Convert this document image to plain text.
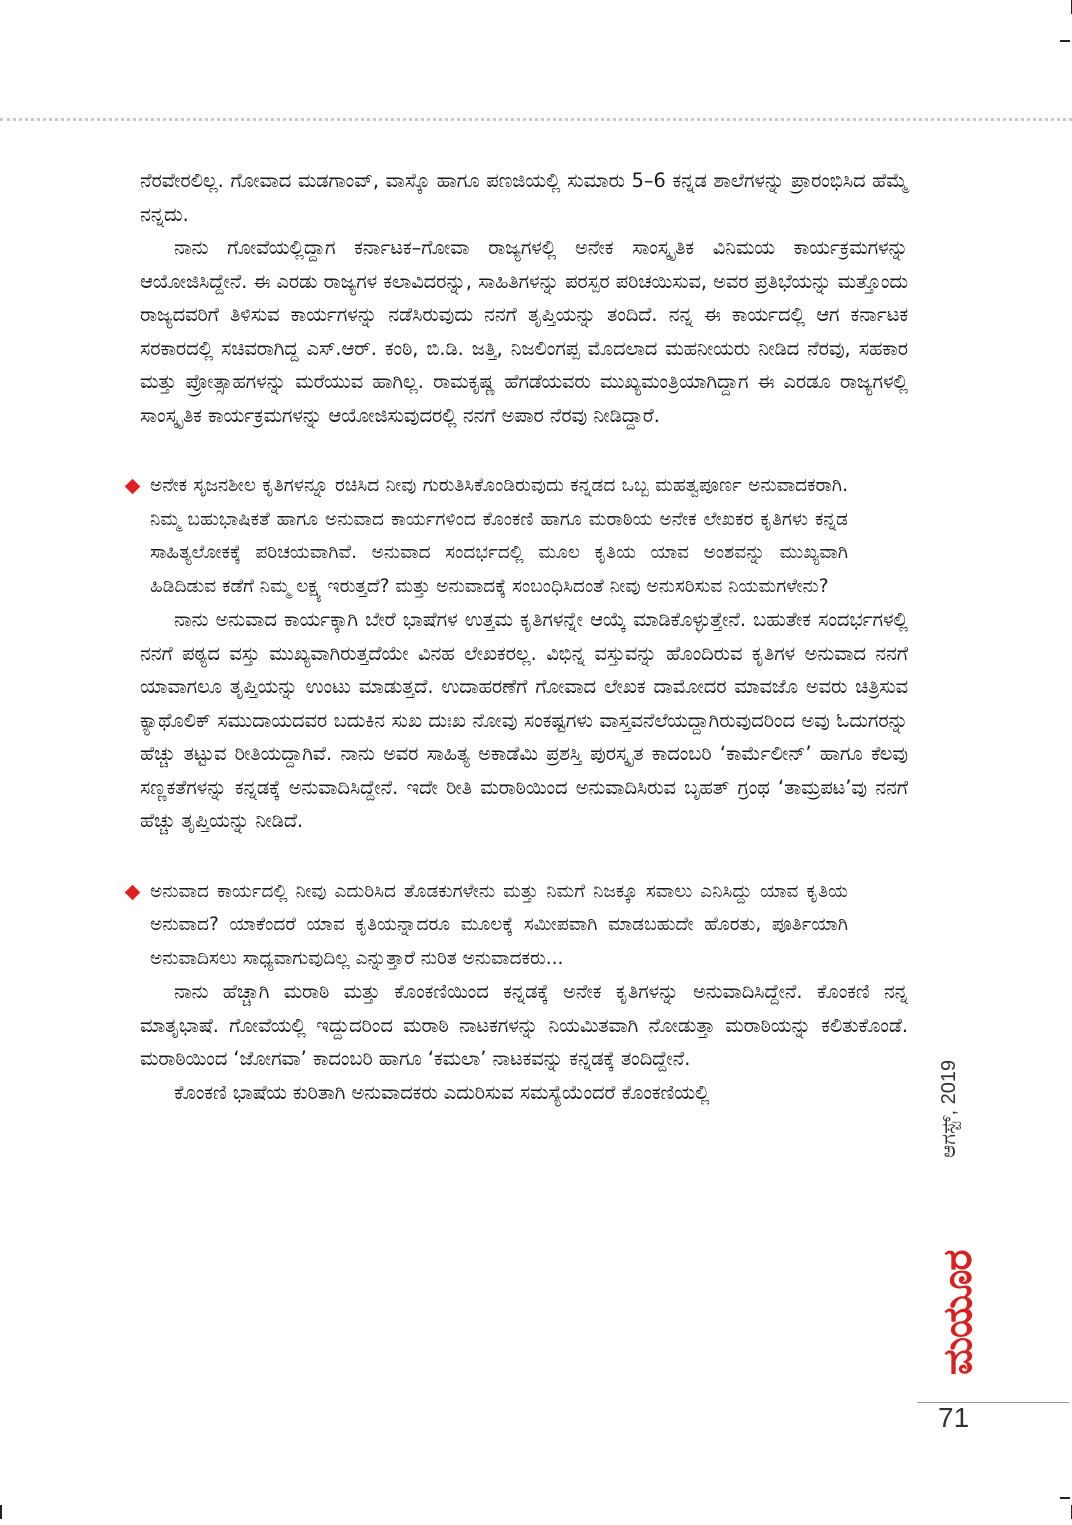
ನೆರವೇರಲಿಲ್ಲ. ಗೋವಾದ ಮಡಗಾಂವ್, ವಾಸ್ಕೊ ಹಾಗೂ ಪಣಜಿಯಲ್ಲಿ ಸುಮಾರು 5–6 ಕನ್ನಡ ಶಾಲೆಗಳನ್ನು ಪ್ರಾರಂಭಿಸಿದ ಹೆಮ್ಮೆ ನನ್ನದು.

ನಾನು ಗೋವೆಯಲ್ಲಿದ್ದಾಗ ಕರ್ನಾಟಕ–ಗೋವಾ ರಾಜ್ಯಗಳಲ್ಲಿ ಅನೇಕ ಸಾಂಸ್ಕೃತಿಕ ವಿನಿಮಯ ಕಾರ್ಯಕ್ರಮಗಳನ್ನು ಆಯೋಜಿಸಿದ್ದೇನೆ. ಈ ಎರಡು ರಾಜ್ಯಗಳ ಕಲಾವಿದರನ್ನು, ಸಾಹಿತಿಗಳನ್ನು ಪರಸ್ಪರ ಪರಿಚಯಿಸುವ, ಅವರ ಪ್ರತಿಭೆಯನ್ನು ಮತ್ತೊಂದು ರಾಜ್ಯದವರಿಗೆ ತಿಳಿಸುವ ಕಾರ್ಯಗಳನ್ನು ನಡೆಸಿರುವುದು ನನಗೆ ತೃಪ್ತಿಯನ್ನು ತಂದಿದೆ. ನನ್ನ ಈ ಕಾರ್ಯದಲ್ಲಿ ಆಗ ಕರ್ನಾಟಕ ಸರಕಾರದಲ್ಲಿ ಸಚಿವರಾಗಿದ್ದ ಎಸ್.ಆರ್. ಕಂಠಿ, ಬಿ.ಡಿ. ಜತ್ತಿ, ನಿಜಲಿಂಗಪ್ಪ ಮೊದಲಾದ ಮಹನೀಯರು ನೀಡಿದ ನೆರವು, ಸಹಕಾರ ಮತ್ತು ಪ್ರೋತ್ಸಾಹಗಳನ್ನು ಮರೆಯುವ ಹಾಗಿಲ್ಲ. ರಾಮಕೃಷ್ಣ ಹೆಗಡೆಯವರು ಮುಖ್ಯಮಂತ್ರಿಯಾಗಿದ್ದಾಗ ಈ ಎರಡೂ ರಾಜ್ಯಗಳಲ್ಲಿ ಸಾಂಸ್ಕೃತಿಕ ಕಾರ್ಯಕ್ರಮಗಳನ್ನು ಆಯೋಜಿಸುವುದರಲ್ಲಿ ನನಗೆ ಅಪಾರ ನೆರವು ನೀಡಿದ್ದಾರೆ.

ಅನೇಕ ಸೃಜನಶೀಲ ಕೃತಿಗಳನ್ನೂ ರಚಿಸಿದ ನೀವು ಗುರುತಿಸಿಕೊಂಡಿರುವುದು ಕನ್ನಡದ ಒಬ್ಬ ಮಹತ್ವಪೂರ್ಣ ಅನುವಾದಕರಾಗಿ. ನಿಮ್ಮ ಬಹುಭಾಷಿಕತೆ ಹಾಗೂ ಅನುವಾದ ಕಾರ್ಯಗಳಿಂದ ಕೊಂಕಣಿ ಹಾಗೂ ಮರಾಠಿಯ ಅನೇಕ ಲೇಖಕರ ಕೃತಿಗಳು ಕನ್ನಡ ಸಾಹಿತ್ಯಲೋಕಕ್ಕೆ ಪರಿಚಯವಾಗಿವೆ. ಅನುವಾದ ಸಂದರ್ಭದಲ್ಲಿ ಮೂಲ ಕೃತಿಯ ಯಾವ ಅಂಶವನ್ನು ಮುಖ್ಯವಾಗಿ ಹಿಡಿದಿಡುವ ಕಡೆಗೆ ನಿಮ್ಮ ಲಕ್ಷ್ಯ ಇರುತ್ತದೆ? ಮತ್ತು ಅನುವಾದಕ್ಕೆ ಸಂಬಂಧಿಸಿದಂತೆ ನೀವು ಅನುಸರಿಸುವ ನಿಯಮಗಳೇನು?

ನಾನು ಅನುವಾದ ಕಾರ್ಯಕ್ಕಾಗಿ ಬೇರೆ ಭಾಷೆಗಳ ಉತ್ತಮ ಕೃತಿಗಳನ್ನೇ ಆಯ್ಕೆ ಮಾಡಿಕೊಳ್ಳುತ್ತೇನೆ. ಬಹುತೇಕ ಸಂದರ್ಭಗಳಲ್ಲಿ ನನಗೆ ಪಠ್ಯದ ವಸ್ತು ಮುಖ್ಯವಾಗಿರುತ್ತದೆಯೇ ವಿನಹ ಲೇಖಕರಲ್ಲ. ವಿಭಿನ್ನ ವಸ್ತುವನ್ನು ಹೊಂದಿರುವ ಕೃತಿಗಳ ಅನುವಾದ ನನಗೆ ಯಾವಾಗಲೂ ತೃಪ್ತಿಯನ್ನು ಉಂಟು ಮಾಡುತ್ತದೆ. ಉದಾಹರಣೆಗೆ ಗೋವಾದ ಲೇಖಕ ದಾಮೋದರ ಮಾವಜೊ ಅವರು ಚಿತ್ರಿಸುವ ಕ್ಯಾಥೊಲಿಕ್ ಸಮುದಾಯದವರ ಬದುಕಿನ ಸುಖ ದುಃಖ ನೋವು ಸಂಕಷ್ಟಗಳು ವಾಸ್ತವನೆಲೆಯದ್ದಾಗಿರುವುದರಿಂದ ಅವು ಓದುಗರನ್ನು ಹೆಚ್ಚು ತಟ್ಟುವ ರೀತಿಯದ್ದಾಗಿವೆ. ನಾನು ಅವರ ಸಾಹಿತ್ಯ ಅಕಾಡೆಮಿ ಪ್ರಶಸ್ತಿ ಪುರಸ್ಕೃತ ಕಾದಂಬರಿ ‘ಕಾರ್ಮೆಲೀನ್’ ಹಾಗೂ ಕೆಲವು ಸಣ್ಣಕತೆಗಳನ್ನು ಕನ್ನಡಕ್ಕೆ ಅನುವಾದಿಸಿದ್ದೇನೆ. ಇದೇ ರೀತಿ ಮರಾಠಿಯಿಂದ ಅನುವಾದಿಸಿರುವ ಬೃಹತ್ ಗ್ರಂಥ ‘ತಾಮ್ರಪಟ’ವು ನನಗೆ ಹೆಚ್ಚು ತೃಪ್ತಿಯನ್ನು ನೀಡಿದೆ.

ಅನುವಾದ ಕಾರ್ಯದಲ್ಲಿ ನೀವು ಎದುರಿಸಿದ ತೊಡಕುಗಳೇನು ಮತ್ತು ನಿಮಗೆ ನಿಜಕ್ಕೂ ಸವಾಲು ಎನಿಸಿದ್ದು ಯಾವ ಕೃತಿಯ ಅನುವಾದ? ಯಾಕೆಂದರೆ ಯಾವ ಕೃತಿಯನ್ನಾದರೂ ಮೂಲಕ್ಕೆ ಸಮೀಪವಾಗಿ ಮಾಡಬಹುದೇ ಹೊರತು, ಪೂರ್ತಿಯಾಗಿ ಅನುವಾದಿಸಲು ಸಾಧ್ಯವಾಗುವುದಿಲ್ಲ ಎನ್ನುತ್ತಾರೆ ನುರಿತ ಅನುವಾದಕರು...

ನಾನು ಹೆಚ್ಚಾಗಿ ಮರಾಠಿ ಮತ್ತು ಕೊಂಕಣಿಯಿಂದ ಕನ್ನಡಕ್ಕೆ ಅನೇಕ ಕೃತಿಗಳನ್ನು ಅನುವಾದಿಸಿದ್ದೇನೆ. ಕೊಂಕಣಿ ನನ್ನ ಮಾತೃಭಾಷೆ. ಗೋವೆಯಲ್ಲಿ ಇದ್ದುದರಿಂದ ಮರಾಠಿ ನಾಟಕಗಳನ್ನು ನಿಯಮಿತವಾಗಿ ನೋಡುತ್ತಾ ಮರಾಠಿಯನ್ನು ಕಲಿತುಕೊಂಡೆ. ಮರಾಠಿಯಿಂದ ‘ಜೋಗವಾ’ ಕಾದಂಬರಿ ಹಾಗೂ ‘ಕಮಲಾ’ ನಾಟಕವನ್ನು ಕನ್ನಡಕ್ಕೆ ತಂದಿದ್ದೇನೆ.

ಕೊಂಕಣಿ ಭಾಷೆಯ ಕುರಿತಾಗಿ ಅನುವಾದಕರು ಎದುರಿಸುವ ಸಮಸ್ಯೆಯೆಂದರೆ ಕೊಂಕಣಿಯಲ್ಲಿ	ಆಗಸ್ಟ್, 2019
ಮಯೂರ
71
